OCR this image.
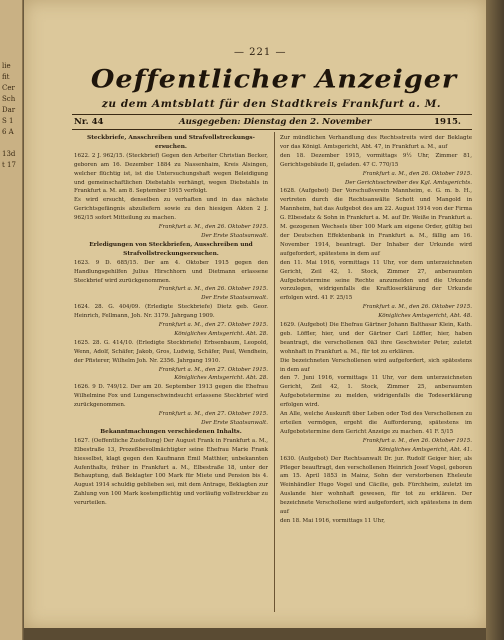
lie
fit
Cer
Sch
Dar
S 1
6 A
13d
t 17
— 221 —
Oeffentlicher Anzeiger
zu dem Amtsblatt für den Stadtkreis Frankfurt a. M.
Nr. 44	Ausgegeben: Dienstag den 2. November	1915.

Steckbriefe, Ansschreiben und Strafvollstreckungs-ersuchen.

1622. 2 J. 962/15. (Steckbrief) Gegen den Arbeiter Christian Becker, geboren am 16. Dezember 1884 zu Nassenhaim, Kreis Alsingen, welcher flüchtig ist, ist die Untersuchungshaft wegen Beleidigung und gemeinschaftlichen Diebstahls verhängt, wegen Diebstahls in Frankfurt a. M. am 8. September 1915 verfolgt.

Es wird ersucht, denselben zu verhaften und in das nächste Gerichtsgefängnis abzuliefern sowie zu den hiesigen Akten 2 J. 962/15 sofort Mitteilung zu machen.

Frankfurt a. M., den 26. Oktober 1915.

Der Erste Staatsanwalt.

Erledigungen von Steckbriefen, Ausschreiben und Strafvollstreckungsersuchen.

1623. 9 D. 685/15. Der am 4. Oktober 1915 gegen den Handlungsgehilfen Julius Hirschhorn und Dietmann erlassene Steckbrief wird zurückgenommen.

Frankfurt a. M., den 26. Oktober 1915.

Der Erste Staatsanwalt.

1624. 28. G. 404/09. (Erledigte Steckbriefe) Dietz geb. Geor. Heinrich, Fellmann, Joh. Nr. 3179. Jahrgang 1909.

Frankfurt a. M., den 27. Oktober 1915.

Königliches Amtsgericht. Abt. 28.

1625. 28. G. 414/10. (Erledigte Steckbriefe) Erbsenbaum, Leopold, Wenn, Adolf, Schäfer, Jakob, Gros, Ludwig, Schäfer, Paul, Wendhein, der Pfisterer, Wilhelm Joh. Nr. 2356. Jahrgang 1910.

Frankfurt a. M., den 27. Oktober 1915.

Königliches Amtsgericht. Abt. 28.

1626. 9 D. 749/12. Der am 20. September 1913 gegen die Ehefrau Wilhelmine Fox und Lungenschwindsucht erlassene Steckbrief wird zurückgenommen.

Frankfurt a. M., den 27. Oktober 1915.

Der Erste Staatsanwalt.

Bekanntmachungen verschiedenen Inhalts.

1627. (Oeffentliche Zustellung) Der August Frank in Frankfurt a. M., Elbestraße 13, Prozeßbevollmächtigter seine Ehefrau Marie Frank hiesselbst, klagt gegen den Kaufmann Emil Matthier, unbekannten Aufenthalts, früher in Frankfurt a. M., Elbestraße 18, unter der Behauptung, daß Beklagter 100 Mark für Miete und Pension bis 4. August 1914 schuldig geblieben sei, mit dem Antrage, Beklagten zur Zahlung von 100 Mark kostenpflichtig und vorläufig vollstreckbar zu verurteilen.

Zur mündlichen Verhandlung des Rechtsstreits wird der Beklagte vor das Königl. Amtsgericht, Abt. 47, in Frankfurt a. M., auf

den 18. Dezember 1915, vormittags 9½ Uhr, Zimmer 81, Gerichtsgebäude II, geladen. 47 C. 770/15

Frankfurt a. M., den 26. Oktober 1915.

Der Gerichtsschreiber des Kgl. Amtsgerichts.

1628. (Aufgebot) Der Vorschußverein Mannheim, e. G. m. b. H., vertreten durch die Rechtsanwälte Schott und Mangold in Mannheim, hat das Aufgebot des am 22. August 1914 von der Firma G. Elbesdatz & Sohn in Frankfurt a. M. auf Dr. Weiße in Frankfurt a. M. gezogenen Wechsels über 100 Mark am eigene Order, gültig bei der Deutschen Effektenbank in Frankfurt a. M., fällig am 16. November 1914, beantragt. Der Inhaber der Urkunde wird aufgefordert, spätestens in dem auf

den 11. Mai 1916, vormittags 11 Uhr, vor dem unterzeichneten Gericht, Zeil 42, 1. Stock, Zimmer 27, anberaumten Aufgebotstermine seine Rechte anzumelden und die Urkunde vorzulegen, widrigenfalls die Kraftloserklärung der Urkunde erfolgen wird. 41 F. 25/15

Frankfurt a. M., den 26. Oktober 1915.

Königliches Amtsgericht, Abt. 48.

1629. (Aufgebot) Die Ehefrau Gärtner Johann Balthasar Klein, Kath. geb. Löffler, hier, und der Gärtner Carl Löffler, hier, haben beantragt, die verschollenen 0ä3 ihre Geschwister Peter, zuletzt wohnhaft in Frankfurt a. M., für tot zu erklären.

Die bezeichneten Verschollenen wird aufgefordert, sich spätestens in dem auf

den 7. Juni 1916, vormittags 11 Uhr, vor dem unterzeichneten Gericht, Zeil 42, 1. Stock, Zimmer 25, anberaumten Aufgebotstermine zu melden, widrigenfalls die Todeserklärung erfolgen wird.

An Alle, welche Auskunft über Leben oder Tod des Verschollenen zu erteilen vermögen, ergeht die Aufforderung, spätestens im Aufgebotstermine dem Gericht Anzeige zu machen. 41 F. 5/15

Frankfurt a. M., den 26. Oktober 1915.

Königliches Amtsgericht, Abt. 41.

1630. (Aufgebot) Der Rechtsanwalt Dr. jur. Rudolf Geiger hier, als Pfleger beauftragt, den verschollenen Heinrich Josef Vogel, geboren am 15. April 1853 in Mainz, Sohn der verstorbenen Eheleute Weinhändler Hugo Vogel und Cäcilie, geb. Fürchheim, zuletzt im Auslande hier wohnhaft gewesen, für tot zu erklären. Der bezeichnete Verschollene wird aufgefordert, sich spätestens in dem auf

den 18. Mai 1916, vormittags 11 Uhr,
